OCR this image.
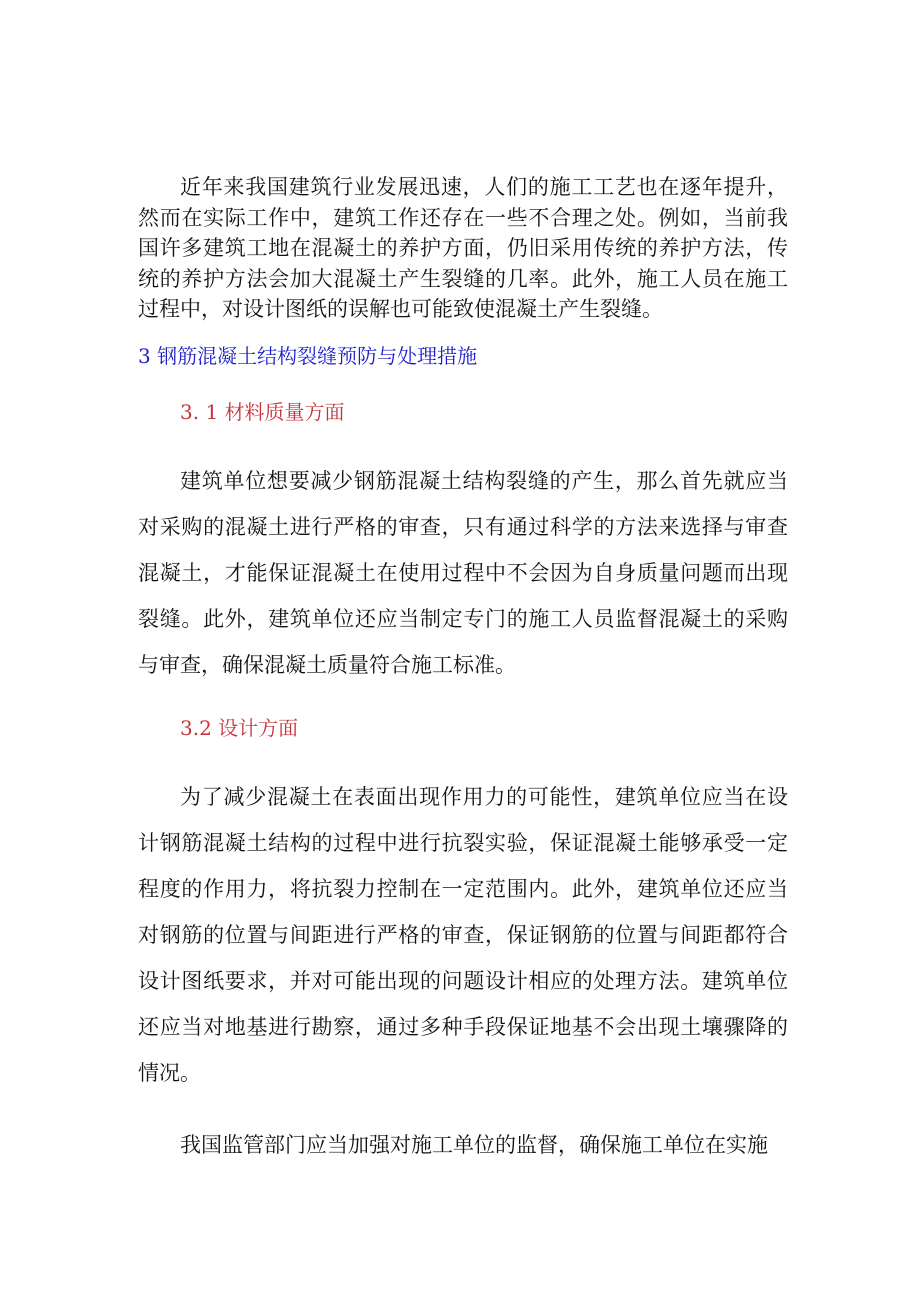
近年来我国建筑行业发展迅速，人们的施工工艺也在逐年提升，然而在实际工作中，建筑工作还存在一些不合理之处。例如，当前我国许多建筑工地在混凝土的养护方面，仍旧采用传统的养护方法，传统的养护方法会加大混凝土产生裂缝的几率。此外，施工人员在施工过程中，对设计图纸的误解也可能致使混凝土产生裂缝。

3 钢筋混凝土结构裂缝预防与处理措施
3. 1 材料质量方面

建筑单位想要减少钢筋混凝土结构裂缝的产生，那么首先就应当对采购的混凝土进行严格的审查，只有通过科学的方法来选择与审查混凝土，才能保证混凝土在使用过程中不会因为自身质量问题而出现裂缝。此外，建筑单位还应当制定专门的施工人员监督混凝土的采购与审查，确保混凝土质量符合施工标准。

3.2 设计方面

为了减少混凝土在表面出现作用力的可能性，建筑单位应当在设计钢筋混凝土结构的过程中进行抗裂实验，保证混凝土能够承受一定程度的作用力，将抗裂力控制在一定范围内。此外，建筑单位还应当对钢筋的位置与间距进行严格的审查，保证钢筋的位置与间距都符合设计图纸要求，并对可能出现的问题设计相应的处理方法。建筑单位还应当对地基进行勘察，通过多种手段保证地基不会出现土壤骤降的情况。

我国监管部门应当加强对施工单位的监督，确保施工单位在实施
